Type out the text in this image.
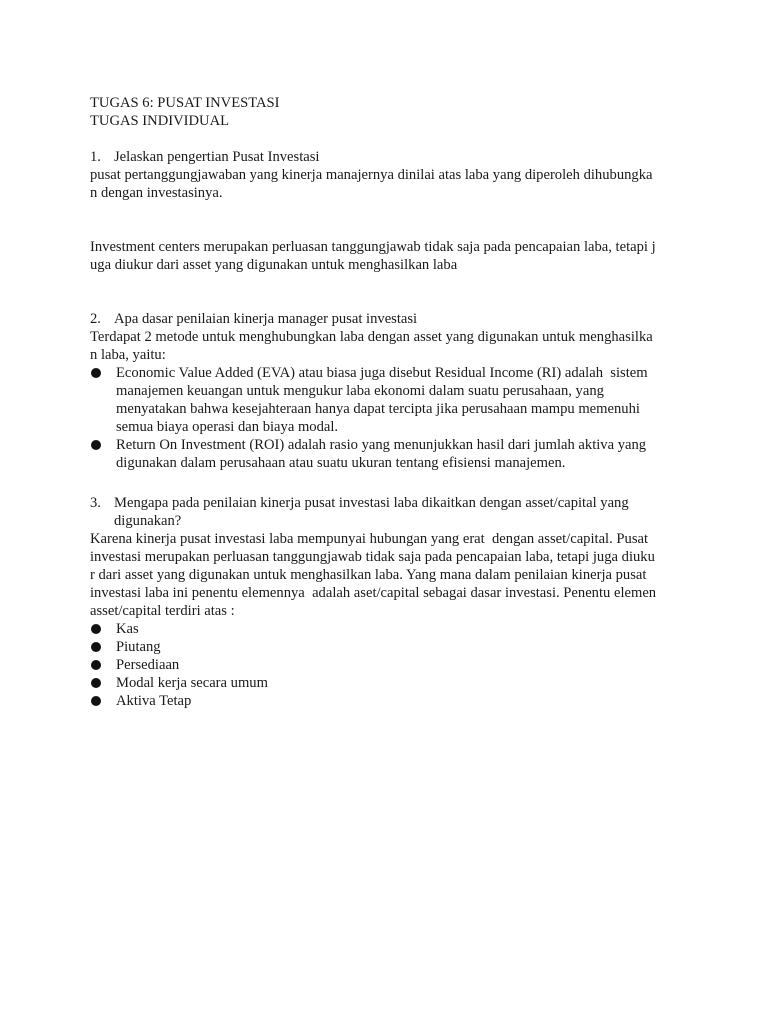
TUGAS 6: PUSAT INVESTASI
TUGAS INDIVIDUAL
1. Jelaskan pengertian Pusat Investasi
pusat pertanggungjawaban yang kinerja manajernya dinilai atas laba yang diperoleh dihubungka
n dengan investasinya.
Investment centers merupakan perluasan tanggungjawab tidak saja pada pencapaian laba, tetapi j
uga diukur dari asset yang digunakan untuk menghasilkan laba
2. Apa dasar penilaian kinerja manager pusat investasi
Terdapat 2 metode untuk menghubungkan laba dengan asset yang digunakan untuk menghasilka
n laba, yaitu:
Economic Value Added (EVA) atau biasa juga disebut Residual Income (RI) adalah  sistem
manajemen keuangan untuk mengukur laba ekonomi dalam suatu perusahaan, yang
menyatakan bahwa kesejahteraan hanya dapat tercipta jika perusahaan mampu memenuhi
semua biaya operasi dan biaya modal.
Return On Investment (ROI) adalah rasio yang menunjukkan hasil dari jumlah aktiva yang
digunakan dalam perusahaan atau suatu ukuran tentang efisiensi manajemen.
3. Mengapa pada penilaian kinerja pusat investasi laba dikaitkan dengan asset/capital yang
digunakan?
Karena kinerja pusat investasi laba mempunyai hubungan yang erat  dengan asset/capital. Pusat
investasi merupakan perluasan tanggungjawab tidak saja pada pencapaian laba, tetapi juga diuku
r dari asset yang digunakan untuk menghasilkan laba. Yang mana dalam penilaian kinerja pusat
investasi laba ini penentu elemennya  adalah aset/capital sebagai dasar investasi. Penentu elemen
asset/capital terdiri atas :
Kas
Piutang
Persediaan
Modal kerja secara umum
Aktiva Tetap
